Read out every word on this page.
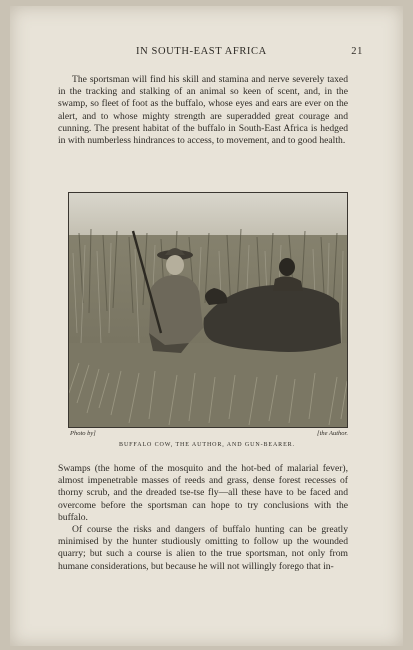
IN SOUTH-EAST AFRICA	21
The sportsman will find his skill and stamina and nerve severely taxed in the tracking and stalking of an animal so keen of scent, and, in the swamp, so fleet of foot as the buffalo, whose eyes and ears are ever on the alert, and to whose mighty strength are superadded great courage and cunning. The present habitat of the buffalo in South-East Africa is hedged in with numberless hindrances to access, to movement, and to good health.
Photo by]	[the Author.
BUFFALO COW, THE AUTHOR, AND GUN-BEARER.
Swamps (the home of the mosquito and the hot-bed of malarial fever), almost impenetrable masses of reeds and grass, dense forest recesses of thorny scrub, and the dreaded tse-tse fly—all these have to be faced and overcome before the sportsman can hope to try conclusions with the buffalo.
Of course the risks and dangers of buffalo hunting can be greatly minimised by the hunter studiously omitting to follow up the wounded quarry; but such a course is alien to the true sportsman, not only from humane considerations, but because he will not willingly forego that in-
